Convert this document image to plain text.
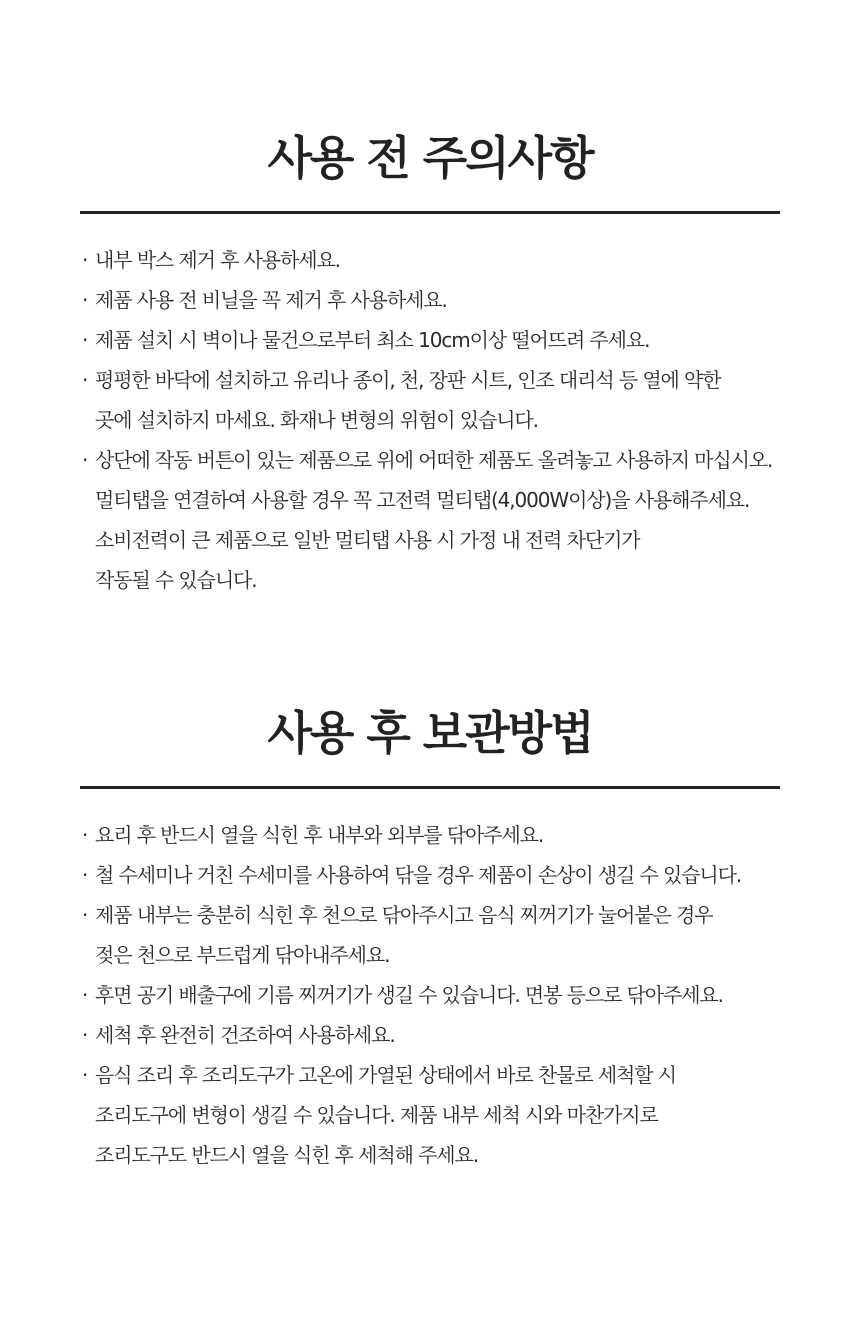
사용 전 주의사항
· 내부 박스 제거 후 사용하세요.
· 제품 사용 전 비닐을 꼭 제거 후 사용하세요.
· 제품 설치 시 벽이나 물건으로부터 최소 10cm이상 떨어뜨려 주세요.
· 평평한 바닥에 설치하고 유리나 종이, 천, 장판 시트, 인조 대리석 등 열에 약한
곳에 설치하지 마세요. 화재나 변형의 위험이 있습니다.
· 상단에 작동 버튼이 있는 제품으로 위에 어떠한 제품도 올려놓고 사용하지 마십시오.
멀티탭을 연결하여 사용할 경우 꼭 고전력 멀티탭(4,000W이상)을 사용해주세요.
소비전력이 큰 제품으로 일반 멀티탭 사용 시 가정 내 전력 차단기가
작동될 수 있습니다.
사용 후 보관방법
· 요리 후 반드시 열을 식힌 후 내부와 외부를 닦아주세요.
· 철 수세미나 거친 수세미를 사용하여 닦을 경우 제품이 손상이 생길 수 있습니다.
· 제품 내부는 충분히 식힌 후 천으로 닦아주시고 음식 찌꺼기가 눌어붙은 경우
젖은 천으로 부드럽게 닦아내주세요.
· 후면 공기 배출구에 기름 찌꺼기가 생길 수 있습니다. 면봉 등으로 닦아주세요.
· 세척 후 완전히 건조하여 사용하세요.
· 음식 조리 후 조리도구가 고온에 가열된 상태에서 바로 찬물로 세척할 시
조리도구에 변형이 생길 수 있습니다. 제품 내부 세척 시와 마찬가지로
조리도구도 반드시 열을 식힌 후 세척해 주세요.
